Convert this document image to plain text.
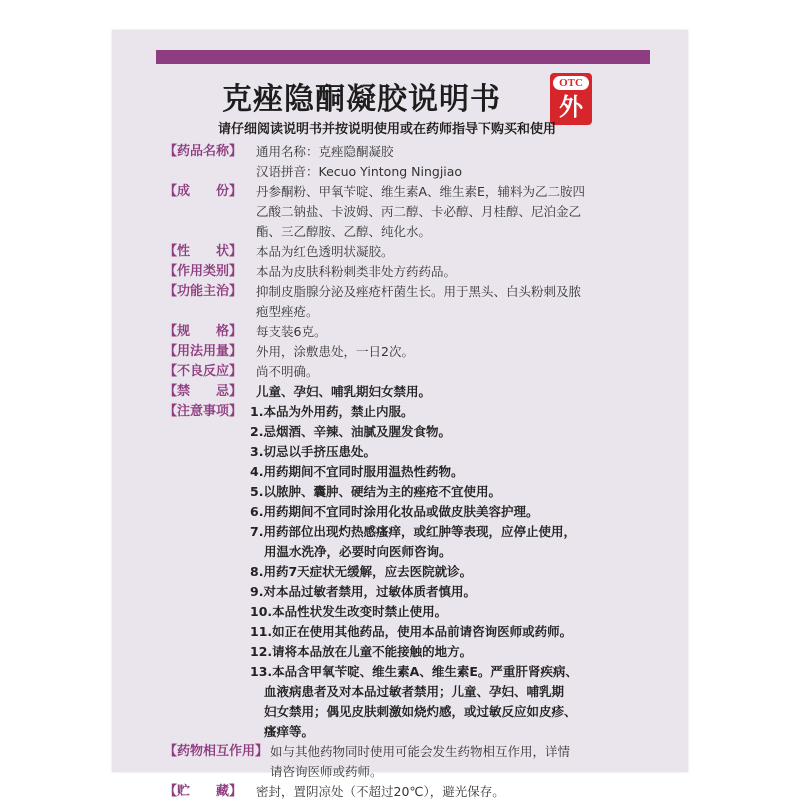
克痤隐酮凝胶说明书	OTC
外
请仔细阅读说明书并按说明使用或在药师指导下购买和使用
【药品名称】 通用名称：克痤隐酮凝胶
汉语拼音：Kecuo Yintong Ningjiao
【成　　份】 丹参酮粉、甲氧苄啶、维生素A、维生素E，辅料为乙二胺四
乙酸二钠盐、卡波姆、丙二醇、卡必醇、月桂醇、尼泊金乙
酯、三乙醇胺、乙醇、纯化水。
【性　　状】 本品为红色透明状凝胶。
【作用类别】 本品为皮肤科粉刺类非处方药药品。
【功能主治】 抑制皮脂腺分泌及痤疮杆菌生长。用于黑头、白头粉刺及脓
疱型痤疮。
【规　　格】 每支装6克。
【用法用量】 外用，涂敷患处，一日2次。
【不良反应】 尚不明确。
【禁　　忌】 儿童、孕妇、哺乳期妇女禁用。
【注意事项】 1.本品为外用药，禁止内服。
2.忌烟酒、辛辣、油腻及腥发食物。
3.切忌以手挤压患处。
4.用药期间不宜同时服用温热性药物。
5.以脓肿、囊肿、硬结为主的痤疮不宜使用。
6.用药期间不宜同时涂用化妆品或做皮肤美容护理。
7.用药部位出现灼热感瘙痒，或红肿等表现，应停止使用，
用温水洗净，必要时向医师咨询。
8.用药7天症状无缓解，应去医院就诊。
9.对本品过敏者禁用，过敏体质者慎用。
10.本品性状发生改变时禁止使用。
11.如正在使用其他药品，使用本品前请咨询医师或药师。
12.请将本品放在儿童不能接触的地方。
13.本品含甲氧苄啶、维生素A、维生素E。严重肝肾疾病、
血液病患者及对本品过敏者禁用；儿童、孕妇、哺乳期
妇女禁用；偶见皮肤刺激如烧灼感，或过敏反应如皮疹、
瘙痒等。
【药物相互作用】 如与其他药物同时使用可能会发生药物相互作用，详情
请咨询医师或药师。
【贮　　藏】 密封，置阴凉处（不超过20℃），避光保存。
